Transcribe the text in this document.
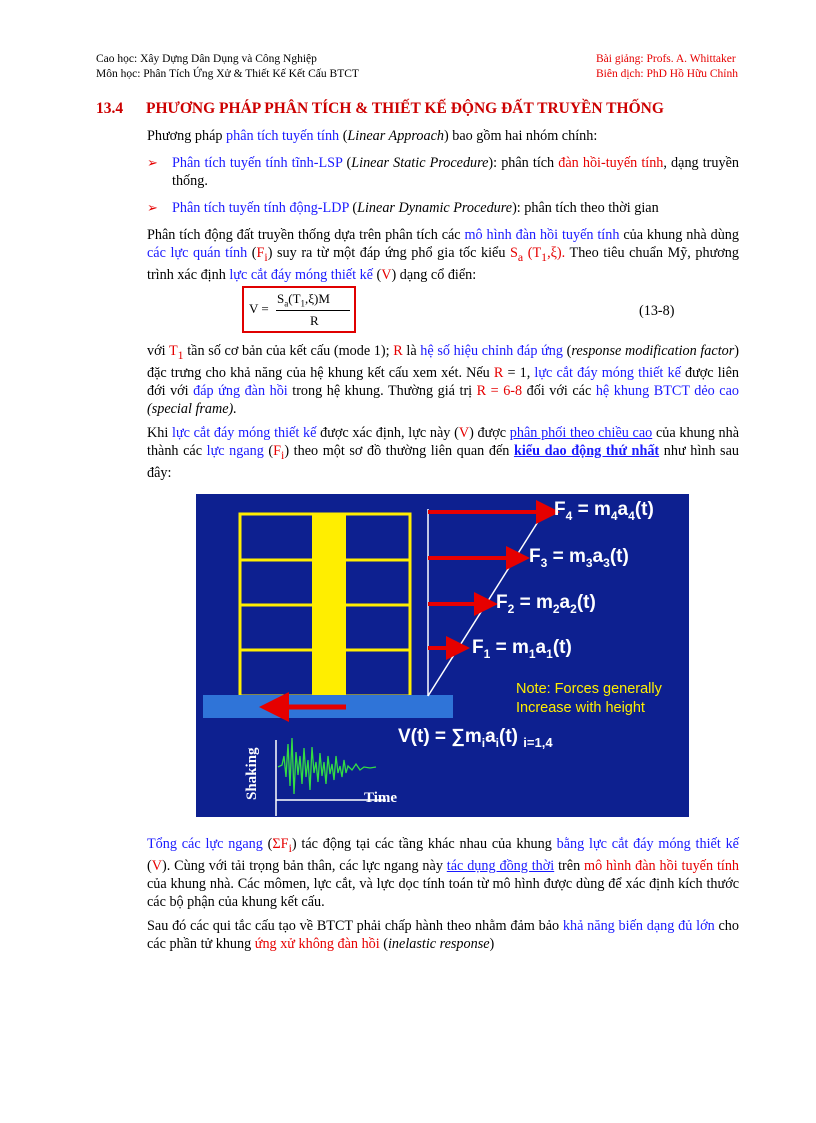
Cao học: Xây Dựng Dân Dụng và Công Nghiệp
Môn học: Phân Tích Ứng Xử & Thiết Kế Kết Cấu BTCT
Bài giảng: Profs. A. Whittaker
Biên dịch: PhD Hồ Hữu Chỉnh
13.4 PHƯƠNG PHÁP PHÂN TÍCH & THIẾT KẾ ĐỘNG ĐẤT TRUYỀN THỐNG
Phương pháp phân tích tuyến tính (Linear Approach) bao gồm hai nhóm chính:
➢ Phân tích tuyến tính tĩnh-LSP (Linear Static Procedure): phân tích đàn hồi-tuyến tính, dạng truyền thống.
➢ Phân tích tuyến tính động-LDP (Linear Dynamic Procedure): phân tích theo thời gian
Phân tích động đất truyền thống dựa trên phân tích các mô hình đàn hồi tuyến tính của khung nhà dùng các lực quán tính $(F_i)$ suy ra từ một đáp ứng phổ gia tốc kiểu $S_a$ $(T_1,\xi)$. Theo tiêu chuẩn Mỹ, phương trình xác định lực cắt đáy móng thiết kế (V) dạng cổ điển:
V =
$S_a(T_1,\xi)M$
R
(13-8)
với $T_1$ tần số cơ bản của kết cấu (mode 1); R là hệ số hiệu chỉnh đáp ứng (response modification factor) đặc trưng cho khả năng của hệ khung kết cấu xem xét. Nếu R = 1, lực cắt đáy móng thiết kế được liên đới với đáp ứng đàn hồi trong hệ khung. Thường giá trị R = 6-8 đối với các hệ khung BTCT dẻo cao (special frame).
Khi lực cắt đáy móng thiết kế được xác định, lực này (V) được phân phối theo chiều cao của khung nhà thành các lực ngang $(F_i)$ theo một sơ đồ thường liên quan đến kiểu dao động thứ nhất như hình sau đây:
$F_4 = m_4a_4(t)$
$F_3 = m_3a_3(t)$
$F_2 = m_2a_2(t)$
$F_1 = m_1a_1(t)$
Note: Forces generally
Increase with height
$V(t) = \sum m_ia_i(t)$ $_{i=1,4}$
Shaking	Time
Tổng các lực ngang $(\Sigma F_i)$ tác động tại các tầng khác nhau của khung bằng lực cắt đáy móng thiết kế (V). Cùng với tải trọng bản thân, các lực ngang này tác dụng đồng thời trên mô hình đàn hồi tuyến tính của khung nhà. Các mômen, lực cắt, và lực dọc tính toán từ mô hình được dùng để xác định kích thước các bộ phận của khung kết cấu.
Sau đó các qui tắc cấu tạo về BTCT phải chấp hành theo nhằm đảm bảo khả năng biến dạng đủ lớn cho các phần tử khung ứng xử không đàn hồi (inelastic response)
